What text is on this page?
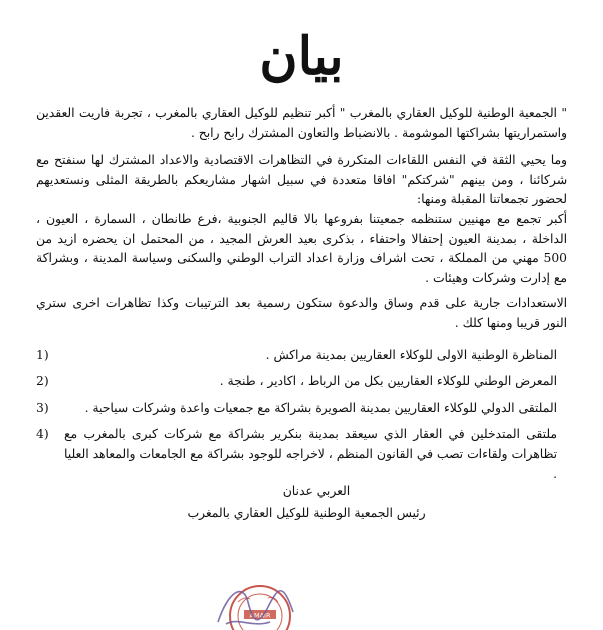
بيان

" الجمعية الوطنية للوكيل العقاري بالمغرب " أكبر تنظيم للوكيل العقاري بالمغرب ، تجربة فاريت العقدين واستمراريتها بشراكتها الموشومة . بالانضباط والتعاون المشترك رابح رابح .

وما يحيي الثقة في النفس اللقاءات المتكررة في التظاهرات الاقتصادية والاعداد المشترك لها سنفتح مع شركائنا ، ومن بينهم "شركتكم" افاقا متعددة في سبيل اشهار مشاريعكم بالطريقة المثلى ونستعديهم لحضور تجمعاتنا المقبلة ومنها:

أكبر تجمع مع مهنيين ستنظمه جمعيتنا بفروعها بالا قاليم الجنوبية ،فرع طانطان ، السمارة ، العيون ، الداخلة ، بمدينة العيون إحتفالا واحتفاء ، بذكرى بعيد العرش المجيد ، من المحتمل ان يحضره ازيد من 500 مهني من المملكة ، تحت اشراف وزارة اعداد التراب الوطني والسكنى وسياسة المدينة ، وبشراكة مع إدارت وشركات وهيئات .

الاستعدادات جارية على قدم وساق والدعوة ستكون رسمية بعد الترتيبات وكذا تظاهرات اخرى ستري النور قريبا ومنها كلك .

المناظرة الوطنية الاولى للوكلاء العقاريين بمدينة مراكش .
1)
المعرض الوطني للوكلاء العقاريين بكل من الرباط ، اكادير ، طنجة .
2)
الملتقى الدولي للوكلاء العقاريين بمدينة الصويرة بشراكة مع جمعيات واعدة وشركات سياحية .
3)
ملتقى المتدخلين في العقار الذي سيعقد بمدينة بنكرير بشراكة مع شركات كبرى بالمغرب مع تظاهرات ولقاءات تصب في القانون المنظم ، لاخراجه للوجود بشراكة مع الجامعات والمعاهد العليا .
4)
العربي عدنان
رئيس الجمعية الوطنية للوكيل العقاري بالمغرب
AMAIR
